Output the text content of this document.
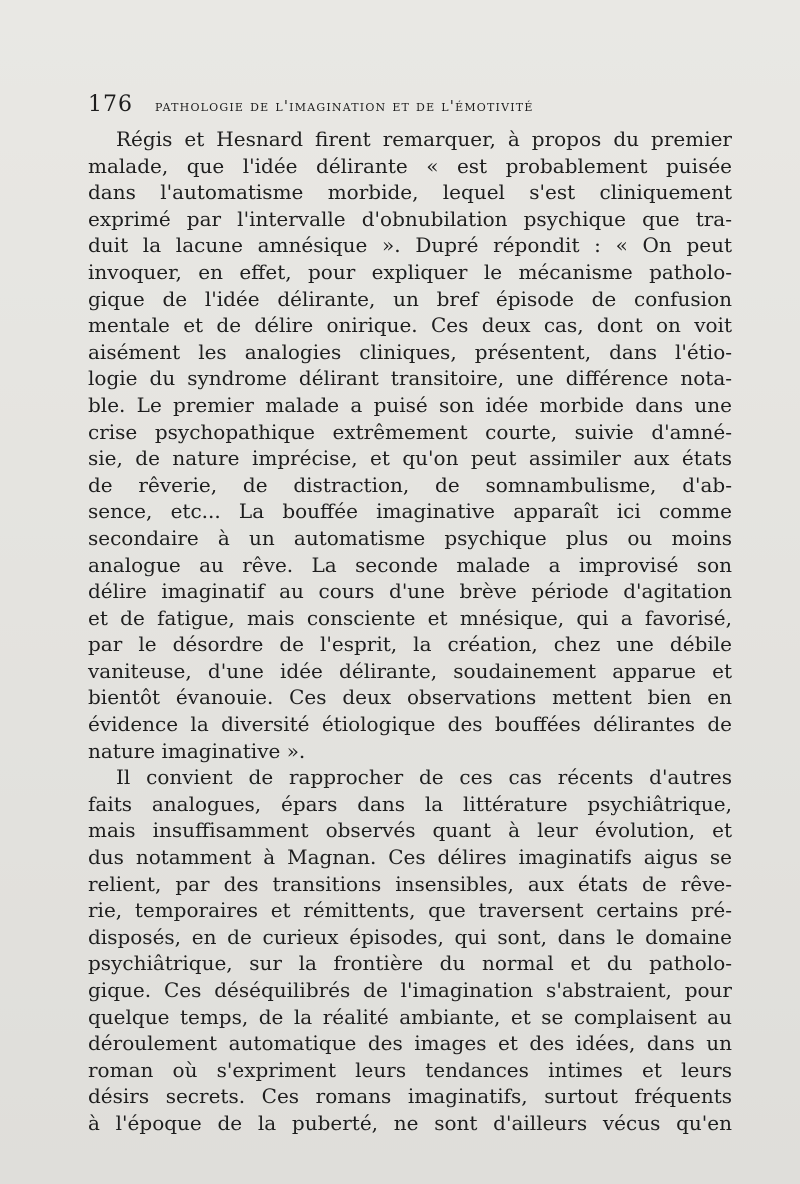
176 pathologie de l'imagination et de l'émotivité
Régis et Hesnard firent remarquer, à propos du premier
malade, que l'idée délirante « est probablement puisée
dans l'automatisme morbide, lequel s'est cliniquement
exprimé par l'intervalle d'obnubilation psychique que tra-
duit la lacune amnésique ». Dupré répondit : « On peut
invoquer, en effet, pour expliquer le mécanisme patholo-
gique de l'idée délirante, un bref épisode de confusion
mentale et de délire onirique. Ces deux cas, dont on voit
aisément les analogies cliniques, présentent, dans l'étio-
logie du syndrome délirant transitoire, une différence nota-
ble. Le premier malade a puisé son idée morbide dans une
crise psychopathique extrêmement courte, suivie d'amné-
sie, de nature imprécise, et qu'on peut assimiler aux états
de rêverie, de distraction, de somnambulisme, d'ab-
sence, etc... La bouffée imaginative apparaît ici comme
secondaire à un automatisme psychique plus ou moins
analogue au rêve. La seconde malade a improvisé son
délire imaginatif au cours d'une brève période d'agitation
et de fatigue, mais consciente et mnésique, qui a favorisé,
par le désordre de l'esprit, la création, chez une débile
vaniteuse, d'une idée délirante, soudainement apparue et
bientôt évanouie. Ces deux observations mettent bien en
évidence la diversité étiologique des bouffées délirantes de
nature imaginative ».
Il convient de rapprocher de ces cas récents d'autres
faits analogues, épars dans la littérature psychiâtrique,
mais insuffisamment observés quant à leur évolution, et
dus notamment à Magnan. Ces délires imaginatifs aigus se
relient, par des transitions insensibles, aux états de rêve-
rie, temporaires et rémittents, que traversent certains pré-
disposés, en de curieux épisodes, qui sont, dans le domaine
psychiâtrique, sur la frontière du normal et du patholo-
gique. Ces déséquilibrés de l'imagination s'abstraient, pour
quelque temps, de la réalité ambiante, et se complaisent au
déroulement automatique des images et des idées, dans un
roman où s'expriment leurs tendances intimes et leurs
désirs secrets. Ces romans imaginatifs, surtout fréquents
à l'époque de la puberté, ne sont d'ailleurs vécus qu'en
